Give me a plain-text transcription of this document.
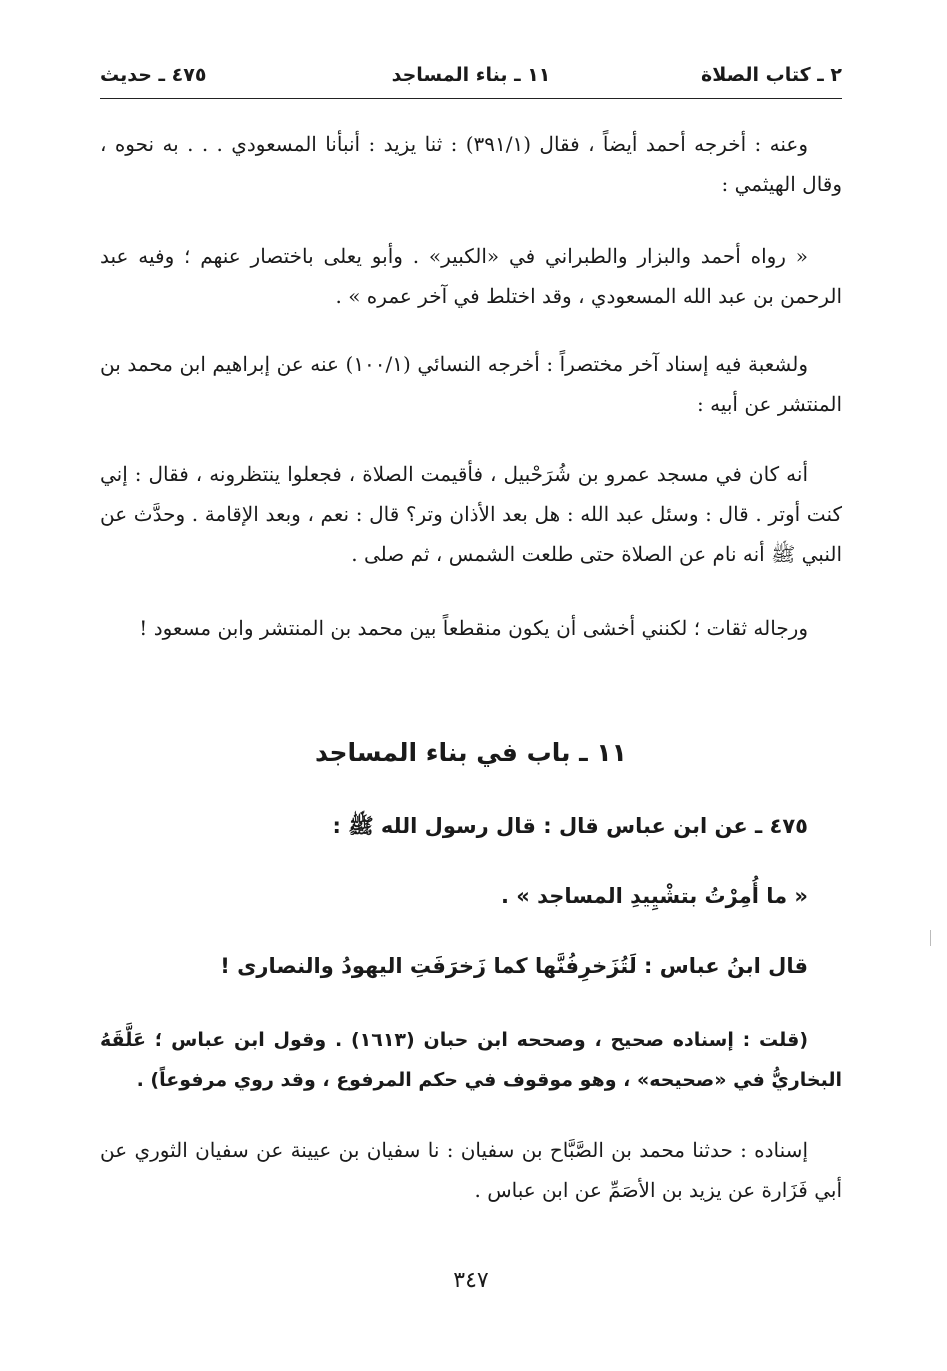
٢ ـ كتاب الصلاة
١١ ـ بناء المساجد
٤٧٥ ـ حديث

وعنه : أخرجه أحمد أيضاً ، فقال (٣٩١/١) : ثنا يزيد : أنبأنا المسعودي . . . به نحوه ، وقال الهيثمي :

« رواه أحمد والبزار والطبراني في «الكبير» . وأبو يعلى باختصار عنهم ؛ وفيه عبد الرحمن بن عبد الله المسعودي ، وقد اختلط في آخر عمره » .

ولشعبة فيه إسناد آخر مختصراً : أخرجه النسائي (١٠٠/١) عنه عن إبراهيم ابن محمد بن المنتشر عن أبيه :

أنه كان في مسجد عمرو بن شُرَحْبيل ، فأقيمت الصلاة ، فجعلوا ينتظرونه ، فقال : إني كنت أوتر . قال : وسئل عبد الله : هل بعد الأذان وتر؟ قال : نعم ، وبعد الإقامة . وحدَّث عن النبي ﷺ أنه نام عن الصلاة حتى طلعت الشمس ، ثم صلى .

ورجاله ثقات ؛ لكنني أخشى أن يكون منقطعاً بين محمد بن المنتشر وابن مسعود !

١١ ـ باب في بناء المساجد

٤٧٥ ـ عن ابن عباس قال : قال رسول الله ﷺ :

« ما أُمِرْتُ بتشْيِيدِ المساجد » .

قال ابنُ عباس : لَتُزَخرِفُنَّها كما زَخرَفَتِ اليهودُ والنصارى !

(قلت : إسناده صحيح ، وصححه ابن حبان (١٦١٣) . وقول ابن عباس ؛ عَلَّقَهُ البخاريُّ في «صحيحه» ، وهو موقوف في حكم المرفوع ، وقد روي مرفوعاً) .

إسناده : حدثنا محمد بن الصَّبَّاح بن سفيان : نا سفيان بن عيينة عن سفيان الثوري عن أبي فَزَارة عن يزيد بن الأصَمِّ عن ابن عباس .

٣٤٧
